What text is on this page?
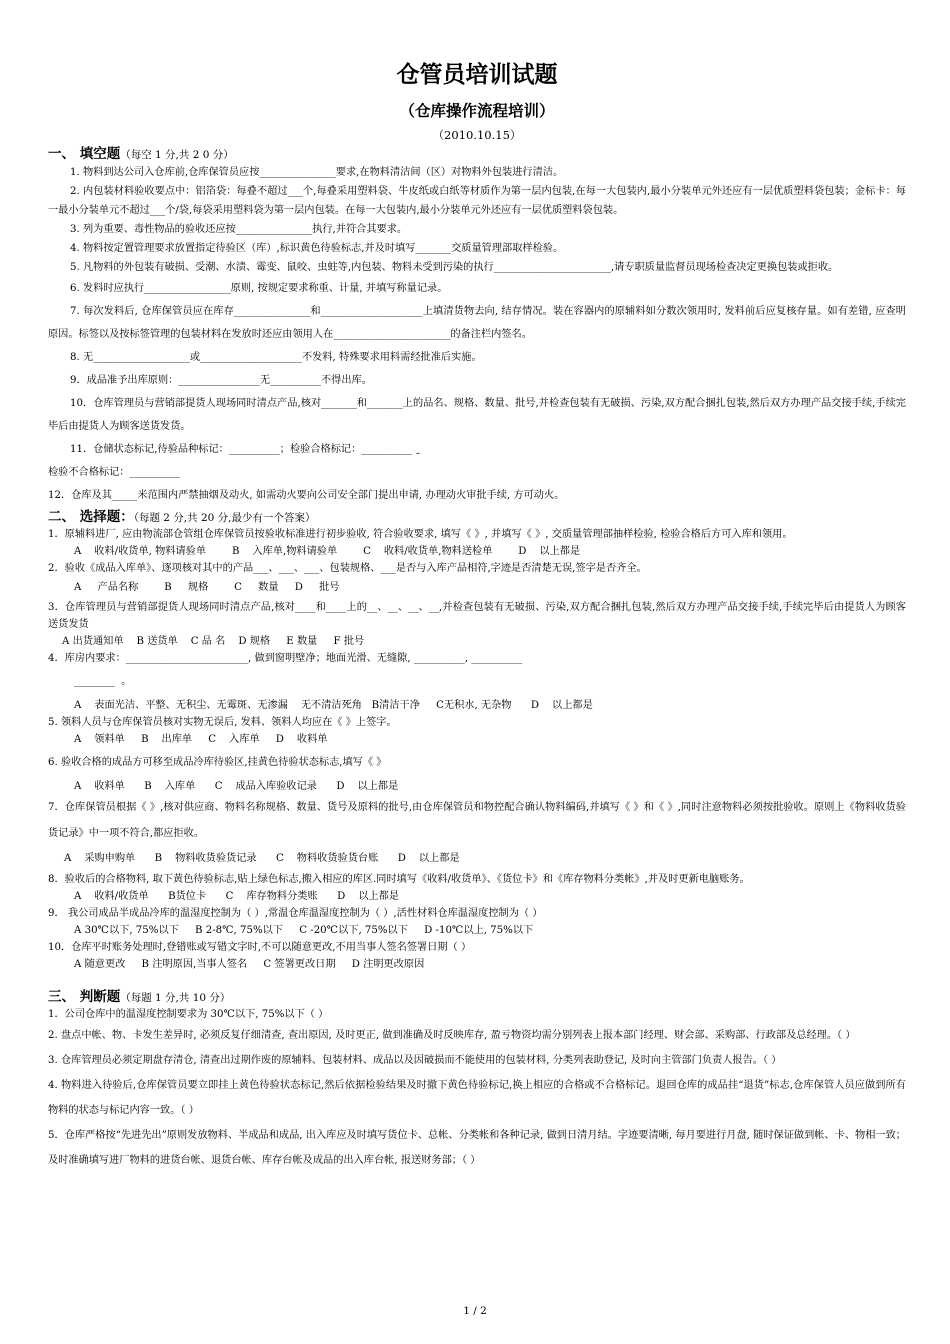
仓管员培训试题
（仓库操作流程培训）
（2010.10.15）
一、 填空题（每空 1 分,共 2 0 分）
1. 物料到达公司入仓库前,仓库保管员应按_______________要求,在物料清洁间（区）对物料外包装进行清洁。
2. 内包装材料验收要点中：铝箔袋：每叠不超过___个,每叠采用塑料袋、牛皮纸或白纸等材质作为第一层内包装,在每一大包装内,最小分装单元外还应有一层优质塑料袋包装；金标卡：每一最小分装单元不超过___个/袋,每袋采用塑料袋为第一层内包装。在每一大包装内,最小分装单元外还应有一层优质塑料袋包装。
3. 列为重要、毒性物品的验收还应按_______________执行,并符合其要求。
4. 物料按定置管理要求放置指定待验区（库）,标识黄色待验标志,并及时填写_______交质量管理部取样检验。
5. 凡物料的外包装有破损、受潮、水渍、霉变、鼠咬、虫蛀等,内包装、物料未受到污染的执行_______________________,请专职质量监督员现场检查决定更换包装或拒收。
6. 发料时应执行_________________原则, 按规定要求称重、计量, 并填写称量记录。
7. 每次发料后, 仓库保管员应在库存_______________和____________________上填清货物去向, 结存情况。装在容器内的原辅料如分数次领用时, 发料前后应复核存量。如有差错, 应查明原因。标签以及按标签管理的包装材料在发放时还应由领用人在_______________________的备注栏内签名。
8. 无___________________或____________________不发料, 特殊要求用料需经批准后实施。
9．成品准予出库原则：________________无__________不得出库。
10．仓库管理员与营销部提货人现场同时清点产品,核对_______和_______上的品名、规格、数量、批号,并检查包装有无破损、污染,双方配合捆扎包装,然后双方办理产品交接手续,手续完毕后由提货人为顾客送货发货。
11．仓储状态标记,待验品种标记：__________；检验合格标记：__________ ˍ
检验不合格标记：__________
12．仓库及其_____米范围内严禁抽烟及动火, 如需动火要向公司安全部门提出申请, 办理动火审批手续, 方可动火。
二、 选择题：（每题 2 分,共 20 分,最少有一个答案）
1．原辅料进厂, 应由物流部仓管组仓库保管员按验收标准进行初步验收, 符合验收要求, 填写《 》, 并填写《 》, 交质量管理部抽样检验, 检验合格后方可入库和领用。
A    收料/收货单, 物料请验单        B    入库单,物料请验单        C    收料/收货单,物料送检单        D    以上都是
2．验收《成品入库单》、逐项核对其中的产品___、___、___、包装规格、___是否与入库产品相符,字迹是否清楚无误,签字是否齐全。
A     产品名称        B     规格        C     数量     D     批号
3．仓库管理员与营销部提货人现场同时清点产品,核对____和____上的__、__、__、__,并检查包装有无破损、污染,双方配合捆扎包装,然后双方办理产品交接手续,手续完毕后由提货人为顾客送货发货
A 出货通知单    B 送货单    C 品 名    D 规格     E 数量     F 批号
4．库房内要求：________________________, 做到窗明壁净；地面光滑、无缝隙, __________, __________
________  。
A    表面光洁、平整、无积尘、无霉斑、无渗漏    无不清洁死角   B清洁干净     C无积水, 无杂物      D    以上都是
5. 领料人员与仓库保管员核对实物无误后, 发料、领料人均应在《 》上签字。
A    领料单     B    出库单     C    入库单     D    收料单
6. 验收合格的成品方可移至成品冷库待验区,挂黄色待验状态标志,填写《 》
A    收料单      B    入库单      C    成品入库验收记录      D    以上都是
7．仓库保管员根据《 》,核对供应商、物料名称规格、数量、货号及原料的批号,由仓库保管员和物控配合确认物料编码,并填写《 》和《 》,同时注意物料必须按批验收。原则上《物料收货验货记录》中一项不符合,都应拒收。
A    采购申购单      B    物料收货验货记录      C    物料收货验货台账      D    以上都是
8．验收后的合格物料, 取下黄色待验标志,贴上绿色标志,搬入相应的库区.同时填写《收料/收货单》、《货位卡》和《库存物料分类帐》,并及时更新电脑账务。
A    收料/收货单      B货位卡      C    库存物料分类账      D    以上都是
9． 我公司成品半成品冷库的温湿度控制为（ ）,常温仓库温湿度控制为（ ）,活性材料仓库温湿度控制为（ ）
A 30℃以下, 75%以下     B 2-8℃, 75%以下     C -20℃以下, 75%以下     D -10℃以上, 75%以下
10．仓库平时账务处理时,登错账或写错文字时,不可以随意更改,不用当事人签名签署日期（ ）
A 随意更改     B 注明原因,当事人签名     C 签署更改日期     D 注明更改原因
三、 判断题（每题 1 分,共 10 分）
1．公司仓库中的温湿度控制要求为 30℃以下, 75%以下（ ）
2. 盘点中帐、物、卡发生差异时, 必须反复仔细清查, 查出原因, 及时更正, 做到准确及时反映库存, 盈亏物资均需分别列表上报本部门经理、财会部、采购部、行政部及总经理。（ ）
3. 仓库管理员必须定期盘存清仓, 清查出过期作废的原辅料、包装材料、成品以及因破损而不能使用的包装材料, 分类列表助登记, 及时向主管部门负责人报告。（ ）
4. 物料进入待验后,仓库保管员要立即挂上黄色待验状态标记,然后依据检验结果及时撤下黄色待验标记,换上相应的合格或不合格标记。退回仓库的成品挂“退货”标志,仓库保管人员应做到所有物料的状态与标记内容一致。（ ）
5．仓库严格按“先进先出”原则发放物料、半成品和成品, 出入库应及时填写货位卡、总帐、分类帐和各种记录, 做到日清月结。字迹要清晰, 每月要进行月盘, 随时保证做到帐、卡、物相一致；及时准确填写进厂物料的进货台帐、退货台帐、库存台帐及成品的出入库台帐, 报送财务部；（ ）
1 / 2
